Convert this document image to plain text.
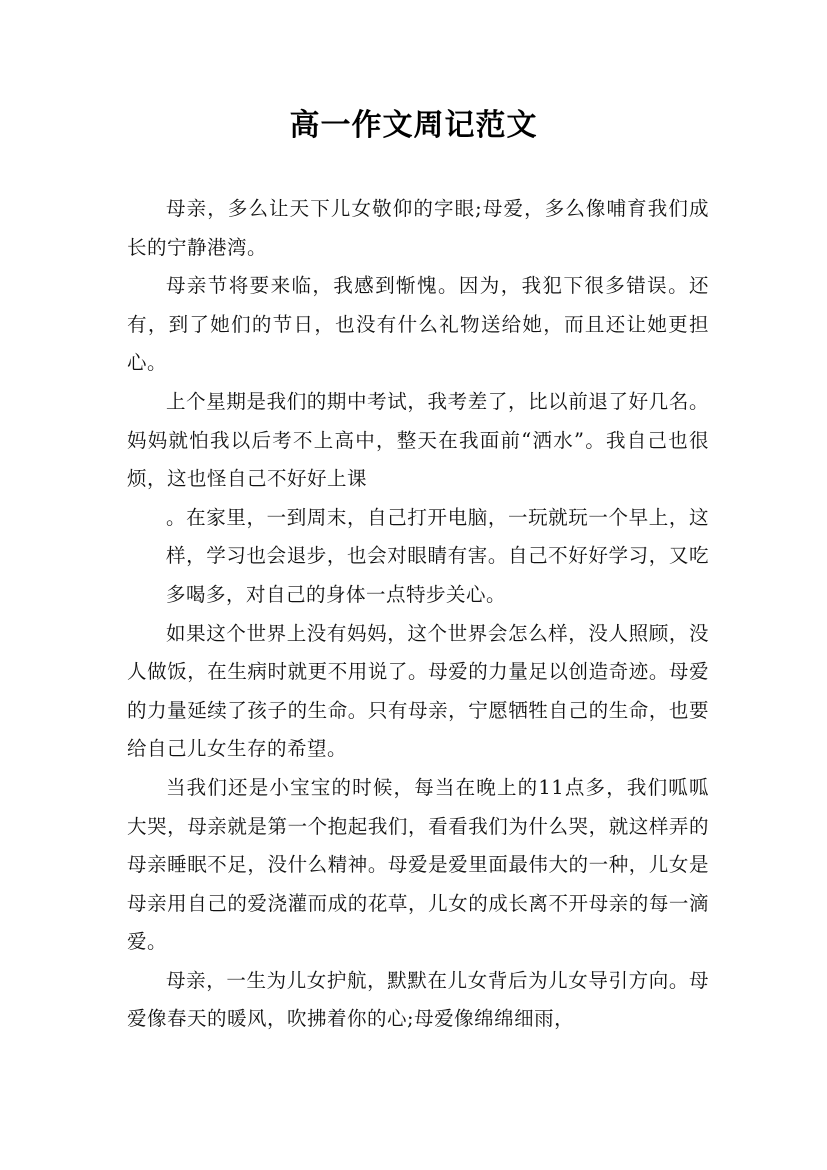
高一作文周记范文

母亲，多么让天下儿女敬仰的字眼;母爱，多么像哺育我们成长的宁静港湾。

母亲节将要来临，我感到惭愧。因为，我犯下很多错误。还有，到了她们的节日，也没有什么礼物送给她，而且还让她更担心。

上个星期是我们的期中考试，我考差了，比以前退了好几名。妈妈就怕我以后考不上高中，整天在我面前“洒水”。我自己也很烦，这也怪自己不好好上课

。在家里，一到周末，自己打开电脑，一玩就玩一个早上，这样，学习也会退步，也会对眼睛有害。自己不好好学习，又吃多喝多，对自己的身体一点特步关心。

如果这个世界上没有妈妈，这个世界会怎么样，没人照顾，没人做饭，在生病时就更不用说了。母爱的力量足以创造奇迹。母爱的力量延续了孩子的生命。只有母亲，宁愿牺牲自己的生命，也要给自己儿女生存的希望。

当我们还是小宝宝的时候，每当在晚上的11点多，我们呱呱大哭，母亲就是第一个抱起我们，看看我们为什么哭，就这样弄的母亲睡眠不足，没什么精神。母爱是爱里面最伟大的一种，儿女是母亲用自己的爱浇灌而成的花草，儿女的成长离不开母亲的每一滴爱。

母亲，一生为儿女护航，默默在儿女背后为儿女导引方向。母爱像春天的暖风，吹拂着你的心;母爱像绵绵细雨，
